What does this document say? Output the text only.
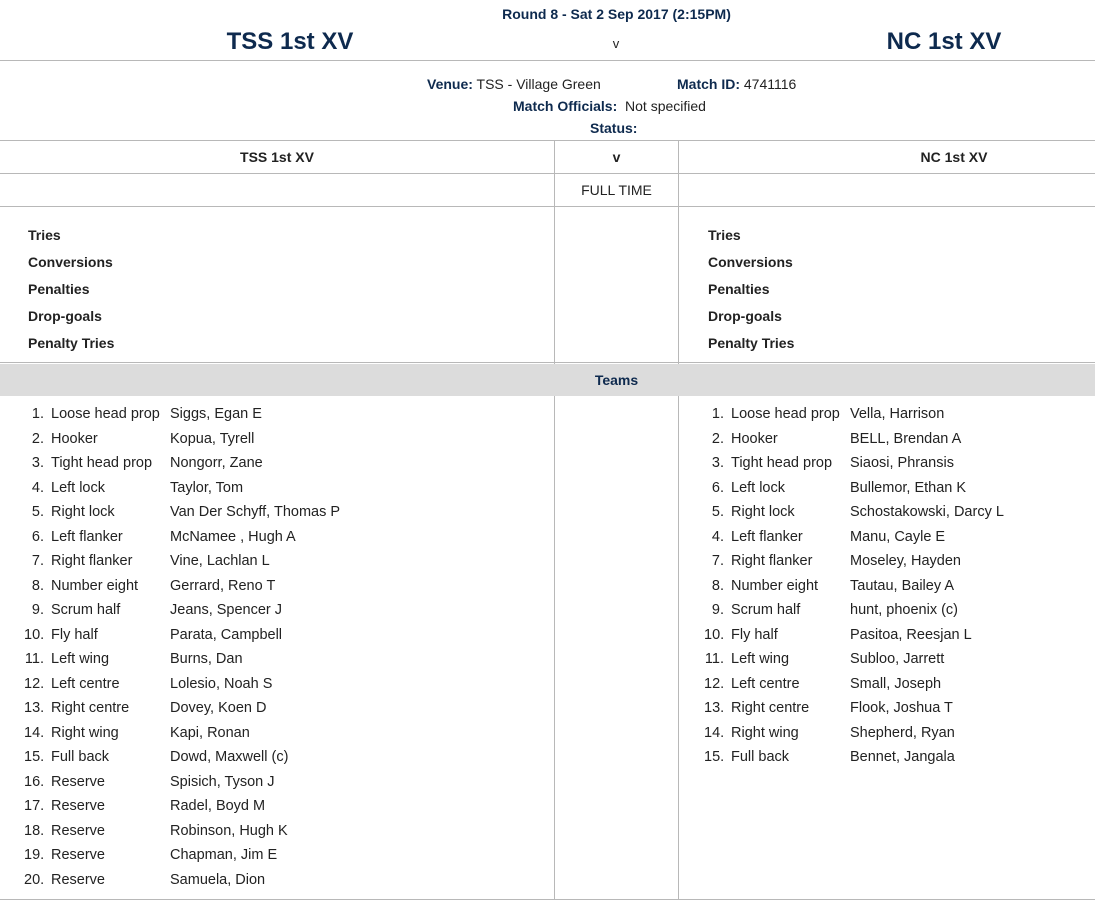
Round 8 - Sat 2 Sep 2017 (2:15PM)
TSS 1st XV	v	NC 1st XV
Venue: TSS - Village Green	Match ID: 4741116
Match Officials: Not specified
Status:
TSS 1st XV	v	NC 1st XV
FULL TIME
Tries
Conversions
Penalties
Drop-goals
Penalty Tries
Tries
Conversions
Penalties
Drop-goals
Penalty Tries
Teams
1. Loose head prop Siggs, Egan E
2. Hooker	Kopua, Tyrell
3. Tight head prop Nongorr, Zane
4. Left lock	Taylor, Tom
5. Right lock	Van Der Schyff, Thomas P
6. Left flanker	McNamee , Hugh A
7. Right flanker	Vine, Lachlan L
8. Number eight Gerrard, Reno T
9. Scrum half	Jeans, Spencer J
10. Fly half	Parata, Campbell
11. Left wing	Burns, Dan
12. Left centre	Lolesio, Noah S
13. Right centre	Dovey, Koen D
14. Right wing	Kapi, Ronan
15. Full back	Dowd, Maxwell (c)
16. Reserve	Spisich, Tyson J
17. Reserve	Radel, Boyd M
18. Reserve	Robinson, Hugh K
19. Reserve	Chapman, Jim E
20. Reserve	Samuela, Dion
1. Loose head prop Vella, Harrison
2. Hooker	BELL, Brendan A
3. Tight head prop Siaosi, Phransis
6. Left lock	Bullemor, Ethan K
5. Right lock	Schostakowski, Darcy L
4. Left flanker	Manu, Cayle E
7. Right flanker	Moseley, Hayden
8. Number eight Tautau, Bailey A
9. Scrum half	hunt, phoenix (c)
10. Fly half	Pasitoa, Reesjan L
11. Left wing	Subloo, Jarrett
12. Left centre	Small, Joseph
13. Right centre	Flook, Joshua T
14. Right wing	Shepherd, Ryan
15. Full back	Bennet, Jangala
